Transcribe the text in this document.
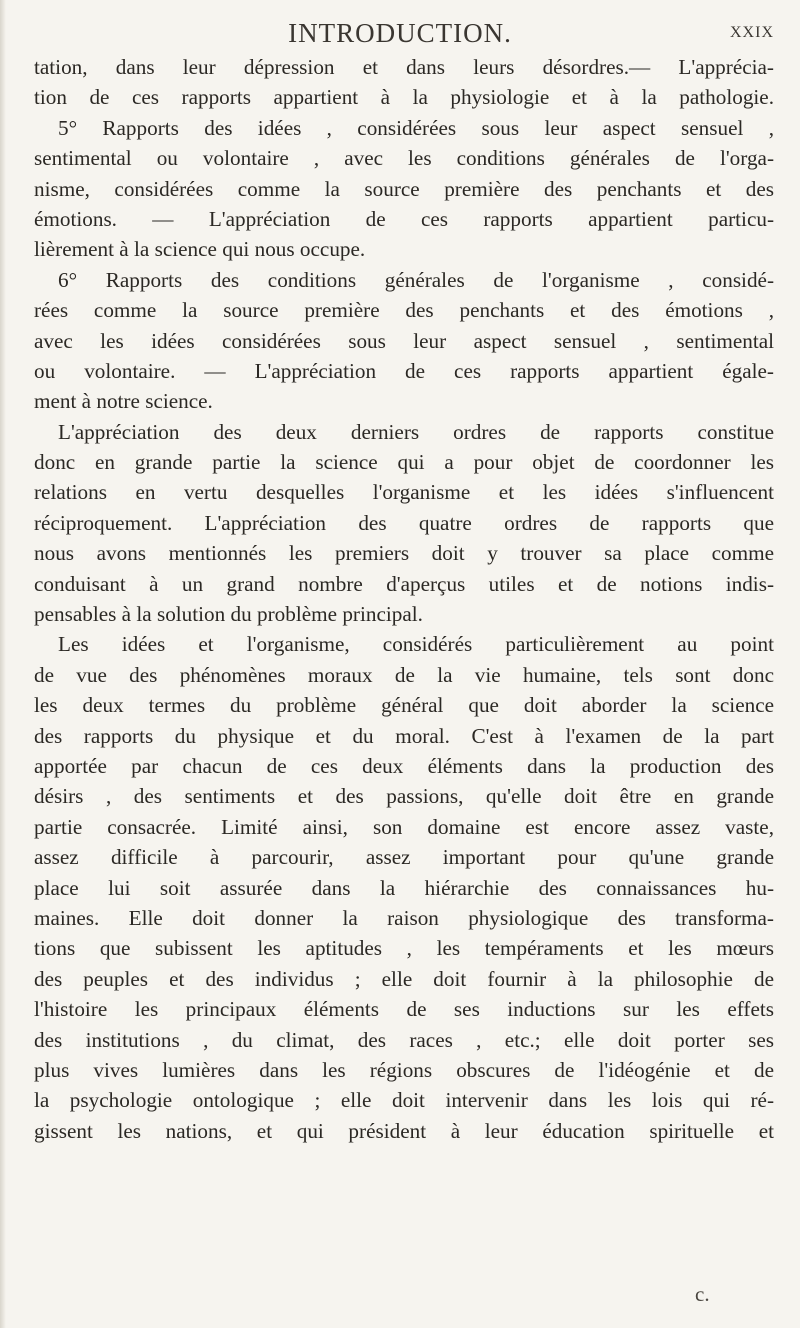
INTRODUCTION.	XXIX
tation, dans leur dépression et dans leurs désordres.— L'apprécia-
tion de ces rapports appartient à la physiologie et à la pathologie.
5° Rapports des idées , considérées sous leur aspect sensuel ,
sentimental ou volontaire , avec les conditions générales de l'orga-
nisme, considérées comme la source première des penchants et des
émotions. — L'appréciation de ces rapports appartient particu-
lièrement à la science qui nous occupe.
6° Rapports des conditions générales de l'organisme , considé-
rées comme la source première des penchants et des émotions ,
avec les idées considérées sous leur aspect sensuel , sentimental
ou volontaire. — L'appréciation de ces rapports appartient égale-
ment à notre science.
L'appréciation des deux derniers ordres de rapports constitue
donc en grande partie la science qui a pour objet de coordonner les
relations en vertu desquelles l'organisme et les idées s'influencent
réciproquement. L'appréciation des quatre ordres de rapports que
nous avons mentionnés les premiers doit y trouver sa place comme
conduisant à un grand nombre d'aperçus utiles et de notions indis-
pensables à la solution du problème principal.
Les idées et l'organisme, considérés particulièrement au point
de vue des phénomènes moraux de la vie humaine, tels sont donc
les deux termes du problème général que doit aborder la science
des rapports du physique et du moral. C'est à l'examen de la part
apportée par chacun de ces deux éléments dans la production des
désirs , des sentiments et des passions, qu'elle doit être en grande
partie consacrée. Limité ainsi, son domaine est encore assez vaste,
assez difficile à parcourir, assez important pour qu'une grande
place lui soit assurée dans la hiérarchie des connaissances hu-
maines. Elle doit donner la raison physiologique des transforma-
tions que subissent les aptitudes , les tempéraments et les mœurs
des peuples et des individus ; elle doit fournir à la philosophie de
l'histoire les principaux éléments de ses inductions sur les effets
des institutions , du climat, des races , etc.; elle doit porter ses
plus vives lumières dans les régions obscures de l'idéogénie et de
la psychologie ontologique ; elle doit intervenir dans les lois qui ré-
gissent les nations, et qui président à leur éducation spirituelle et
c.
